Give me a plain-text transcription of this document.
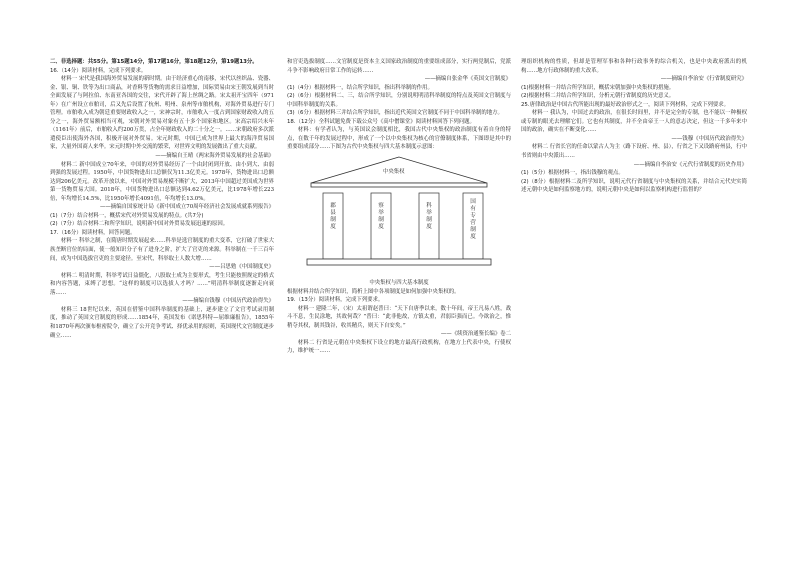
二、非选择题：共55分。第15题14分，第17题16分，第18题12分，第19题13分。

16.（14分）阅读材料，完成下列要求。

材料一 宋代是我国海外贸易发展的新时期。由于经济重心的南移，宋代以丝织品、瓷器、金、银、铜、铁等为出口商品，对香料等货物的需求日益增加，国际贸易由宋王朝发展到当时全面发展了与阿拉伯、东南亚各国的交往，宋代开辟了海上丝绸之路。宋太祖开宝四年（971年）在广州设立市舶司，后又先后设置了杭州、明州、泉州等市舶机构，对海外贸易进行专门管理。市舶收入成为朝廷重要财政收入之一，宋神宗时，市舶收入一度占到国家财政收入的五分之一，海外贸易额相当可观，宋朝对外贸易对象有五十多个国家和地区。宋高宗绍兴末年（1161年）前后，市舶收入约200万贯，占全年财政收入的二十分之一。……宋朝政府多次派遣使臣出使海外各国，积极开展对外贸易。宋元时期，中国已成为世界上最大的海洋贸易国家，大量外国商人来华。宋元时期中外交流的繁荣，对世界文明的发展做出了重大贡献。

——摘编自王晴《两宋海外贸易发展的社会基础》

材料二 新中国成立70年来，中国的对外贸易经历了一个由封闭到开放、由小到大、由弱到强的发展过程。1950年，中国货物进出口总额仅为11.3亿美元。1978年，货物进出口总额达到206亿美元。改革开放以来，中国对外贸易规模不断扩大，2013年中国超过美国成为世界第一货物贸易大国。2018年，中国货物进出口总额达到4.62万亿美元，比1978年增长223倍，年均增长14.5%，比1950年增长4091倍，年均增长13.0%。

——摘编自国家统计局《新中国成立70周年经济社会发展成就系列报告》

(1)（7分）结合材料一，概括宋代对外贸易发展的特点。(共7分)

(2)（7分）结合材料二和所学知识，说明新中国对外贸易发展迅速的原因。

17.（16分）阅读材料，回答问题。

材料一 科举之制，在隋唐时期发展起来……科举是选官制度的重大变革，它打破了世家大族垄断官位的局面，使一般知识分子有了进身之阶，扩大了官吏的来源。科举制在一千三百年间，成为中国选拔官吏的主要途径。至宋代，科举取士人数大增……

——吕思勉《中国制度史》

材料二 明清时期，科举考试日益僵化，八股取士成为主要形式，考生只能按照规定的格式和内容答题，束缚了思想。“这样的制度可以选拔人才吗？……”明清科举制度逐渐走向衰落……

——摘编自钱穆《中国历代政治得失》

材料三 18世纪以来，英国在借鉴中国科举制度的基础上，逐步建立了文官考试录用制度，推动了英国文官制度的形成……1854年，英国发布《诺思科特—屈维廉报告》，1855年和1870年两次颁布枢密院令，确立了公开竞争考试、择优录用的原则，英国现代文官制度逐步确立……

和官吏选拔制度……文官制度是资本主义国家政治制度的重要组成部分，实行两党制后，党派斗争不影响政府日常工作的运转……

——摘编自张金华《英国文官制度》

(1)（4分）根据材料一，结合所学知识，指出科举制的作用。

(2)（6分）根据材料二、三，结合所学知识，分别说明明清科举制度的特点及英国文官制度与中国科举制度的关系。

(3)（6分）根据材料三并结合所学知识，指出近代英国文官制度不同于中国科举制的地方。

18.（12分）全科试题免费下载公众号《高中僧课堂》阅读材料回答下列问题。

材料：有学者认为，与英国议会制度相比，我国古代中央集权的政治制度有着自身的特点，在数千年的发展过程中，形成了一个以中央集权为核心的官僚制度体系，下图即是其中的重要组成部分……下图为古代中央集权与四大基本制度示意图：

中央集权
郡县制度
察举制度
科举制度
国有专营制度

中央集权与四大基本制度

根据材料并结合所学知识，简析上图中各项制度是如何加强中央集权的。

19.（13分）阅读材料，完成下列要求。

材料一 建隆二年，（宋）太祖谓赵普曰：“天下自唐季以来，数十年间，帝王凡易八姓，战斗不息，生民涂地，其故何哉？”普曰：“此非他故，方镇太重，君弱臣强而已。今欲治之，惟稍夺其权，制其钱谷，收其精兵，则天下自安矣。”

——《续资治通鉴长编》卷二

材料二 行省是元朝在中央集权下设立的地方最高行政机构，在地方上代表中央，行使权力，维护统一……

理组织机构的性质，但却是管理军事和各种行政事务的综合机关，也是中央政府派出的机构……地方行政体制的重大改革。

——摘编自李治安《行省制度研究》

(1)根据材料一并结合所学知识，概括宋朝加强中央集权的措施。

(2)根据材料二并结合所学知识，分析元朝行省制度的历史意义。

25.唐律政治是中国古代所能出现的最好政治形式之一，阅读下列材料，完成下列要求。

材料一 我认为，中国过去的政治，在很长时间里，并不是完全的专制，也不能以一种极权或专制的眼光去理解它们。它也有其制度，并不全由帝王一人的意志决定，但这一千多年来中国的政治，确实在不断变化……

——钱穆《中国历代政治得失》

材料二 行省长官的任命以蒙古人为主（路下设府、州、县），行省之下又设路府州县，行中书省则由中央派出……

——摘编自李治安《元代行省制度的历史作用》

(1)（5分）根据材料一，指出钱穆的观点。

(2)（8分）根据材料二及所学知识，说明元代行省制度与中央集权的关系，并结合元代史实简述元朝中央是如何监察地方的，说明元朝中央是如何以监察机构进行监督的？
